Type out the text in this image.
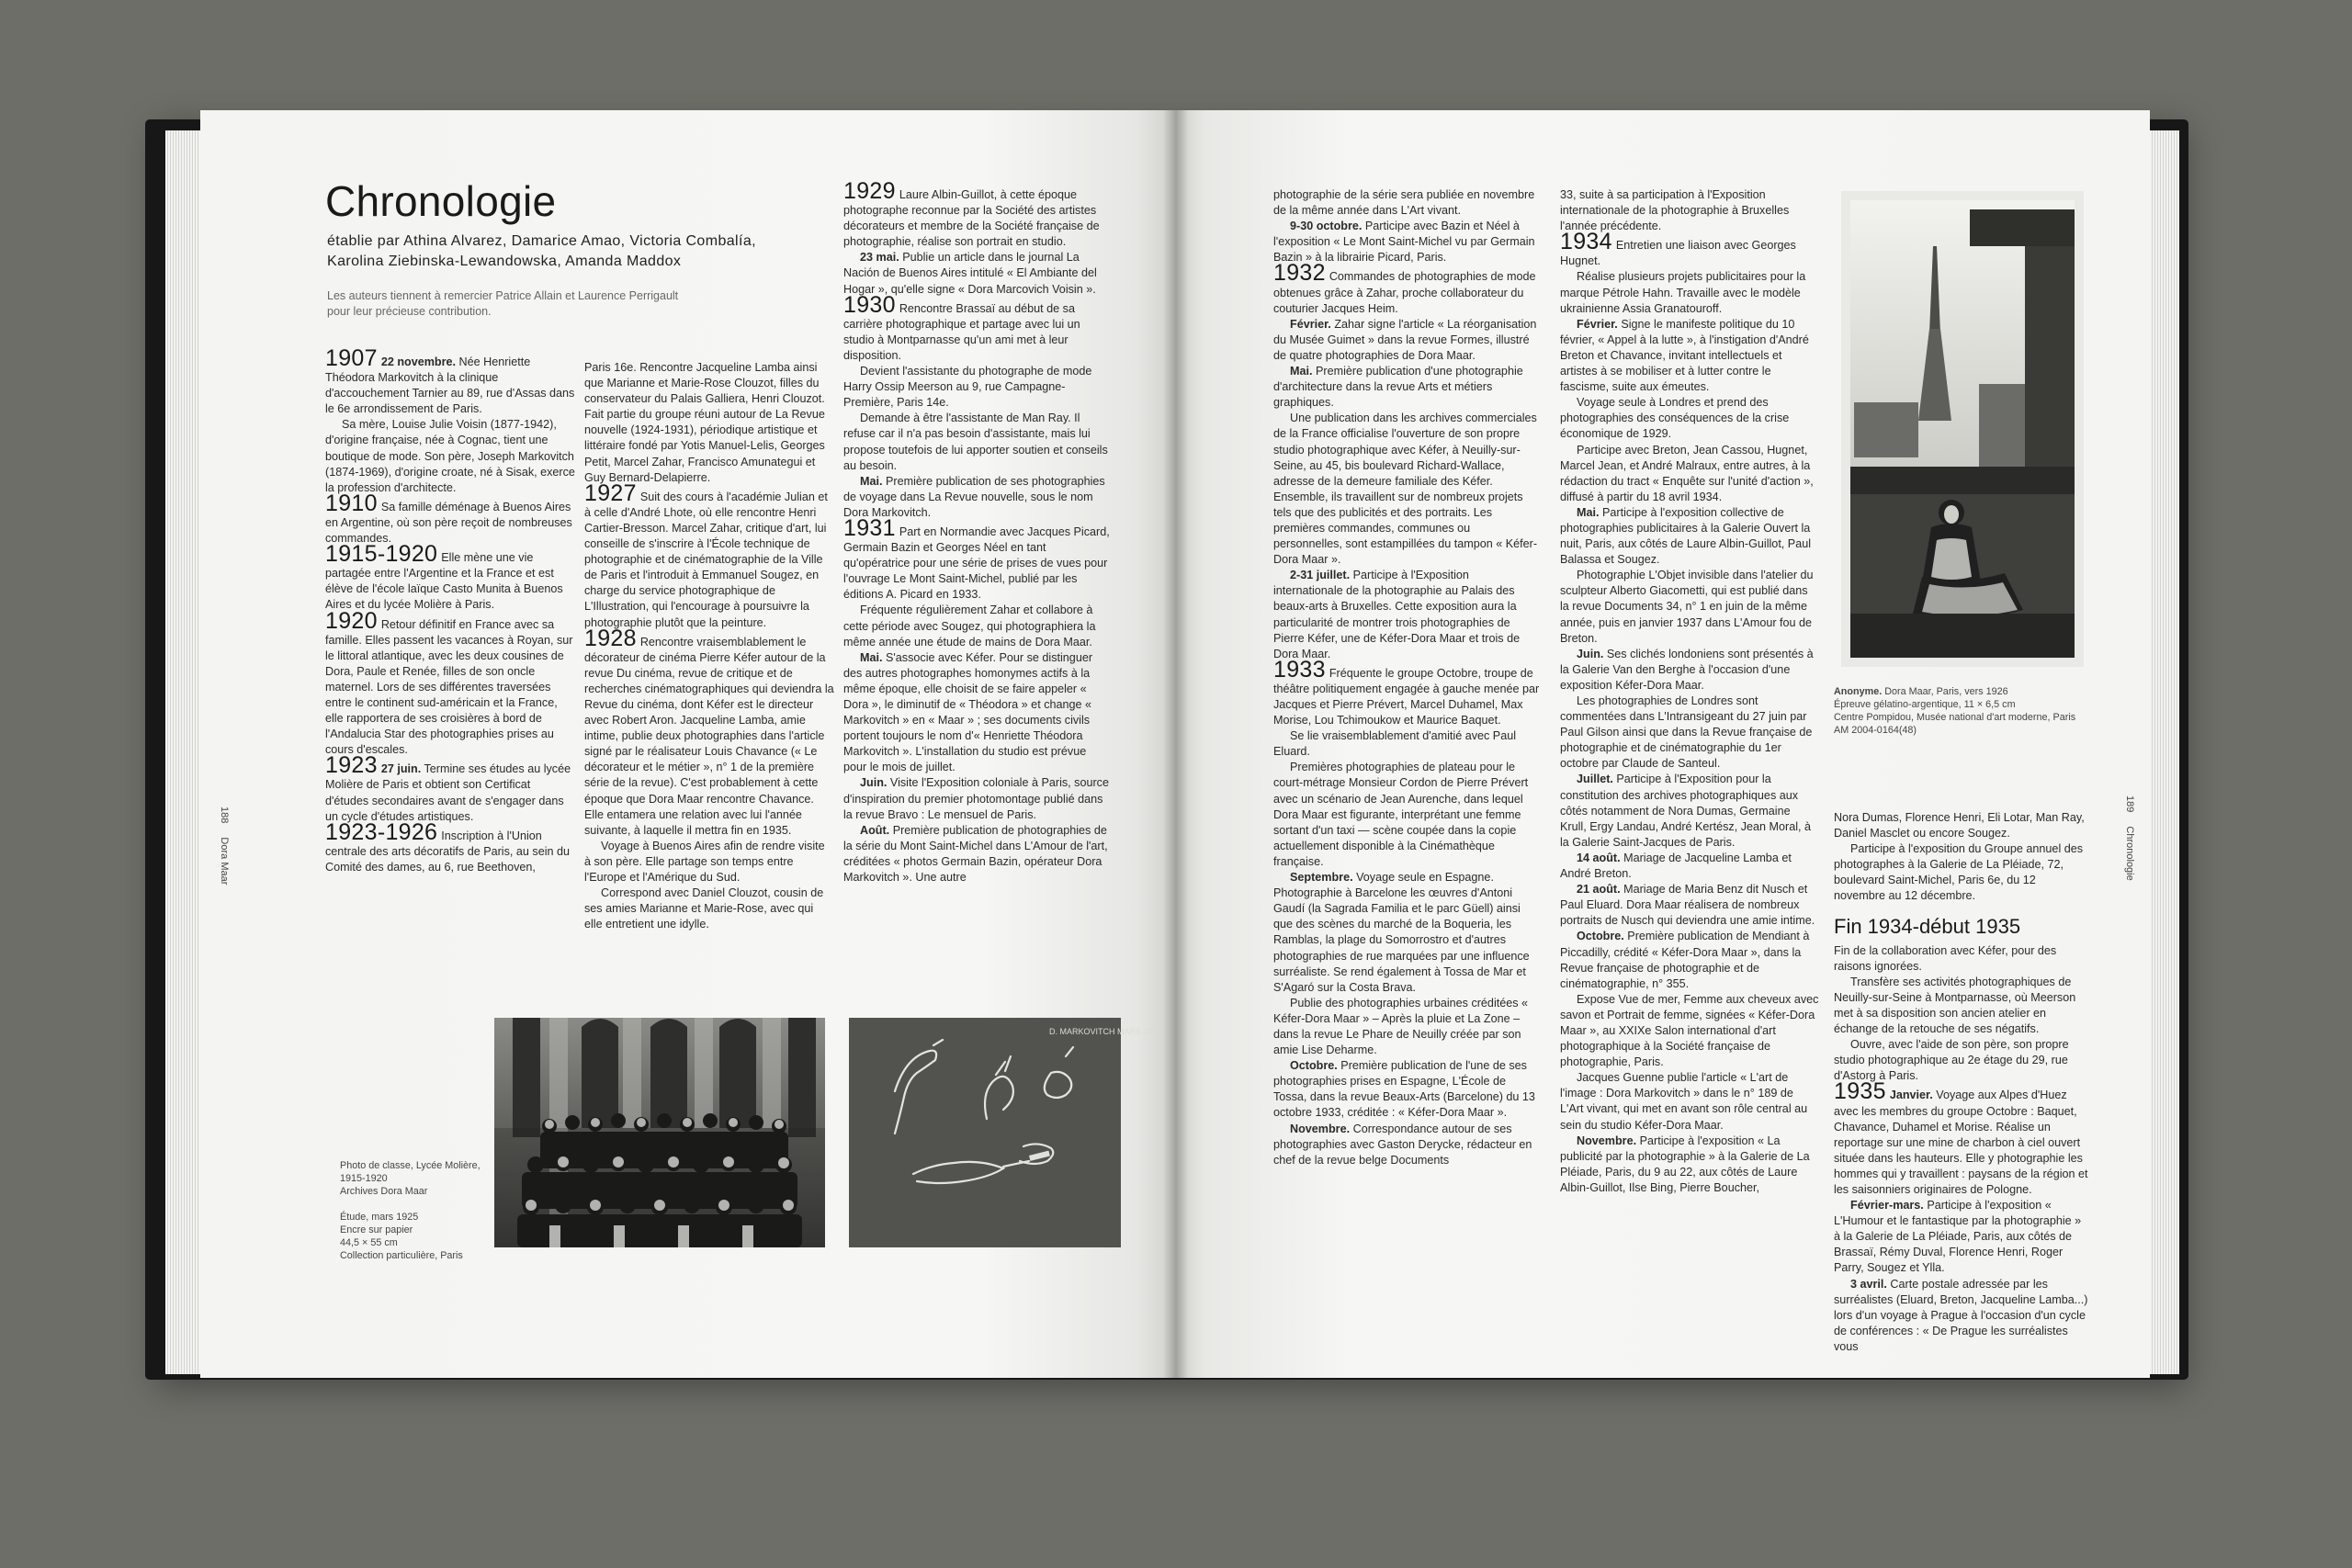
Chronologie
établie par Athina Alvarez, Damarice Amao, Victoria Combalía,
Karolina Ziebinska-Lewandowska, Amanda Maddox
Les auteurs tiennent à remercier Patrice Allain et Laurence Perrigault
pour leur précieuse contribution.

1907 22 novembre. Née Henriette Théodora Markovitch à la clinique d'accouchement Tarnier au 89, rue d'Assas dans le 6e arrondissement de Paris.

Sa mère, Louise Julie Voisin (1877-1942), d'origine française, née à Cognac, tient une boutique de mode. Son père, Joseph Markovitch (1874-1969), d'origine croate, né à Sisak, exerce la profession d'architecte.

1910 Sa famille déménage à Buenos Aires en Argentine, où son père reçoit de nombreuses commandes.

1915-1920 Elle mène une vie partagée entre l'Argentine et la France et est élève de l'école laïque Casto Munita à Buenos Aires et du lycée Molière à Paris.

1920 Retour définitif en France avec sa famille. Elles passent les vacances à Royan, sur le littoral atlantique, avec les deux cousines de Dora, Paule et Renée, filles de son oncle maternel. Lors de ses différentes traversées entre le continent sud-américain et la France, elle rapportera de ses croisières à bord de l'Andalucia Star des photographies prises au cours d'escales.

1923 27 juin. Termine ses études au lycée Molière de Paris et obtient son Certificat d'études secondaires avant de s'engager dans un cycle d'études artistiques.

1923-1926 Inscription à l'Union centrale des arts décoratifs de Paris, au sein du Comité des dames, au 6, rue Beethoven,

Paris 16e. Rencontre Jacqueline Lamba ainsi que Marianne et Marie-Rose Clouzot, filles du conservateur du Palais Galliera, Henri Clouzot. Fait partie du groupe réuni autour de La Revue nouvelle (1924-1931), périodique artistique et littéraire fondé par Yotis Manuel-Lelis, Georges Petit, Marcel Zahar, Francisco Amunategui et Guy Bernard-Delapierre.

1927 Suit des cours à l'académie Julian et à celle d'André Lhote, où elle rencontre Henri Cartier-Bresson. Marcel Zahar, critique d'art, lui conseille de s'inscrire à l'École technique de photographie et de cinématographie de la Ville de Paris et l'introduit à Emmanuel Sougez, en charge du service photographique de L'Illustration, qui l'encourage à poursuivre la photographie plutôt que la peinture.

1928 Rencontre vraisemblablement le décorateur de cinéma Pierre Kéfer autour de la revue Du cinéma, revue de critique et de recherches cinématographiques qui deviendra la Revue du cinéma, dont Kéfer est le directeur avec Robert Aron. Jacqueline Lamba, amie intime, publie deux photographies dans l'article signé par le réalisateur Louis Chavance (« Le décorateur et le métier », n° 1 de la première série de la revue). C'est probablement à cette époque que Dora Maar rencontre Chavance. Elle entamera une relation avec lui l'année suivante, à laquelle il mettra fin en 1935.

Voyage à Buenos Aires afin de rendre visite à son père. Elle partage son temps entre l'Europe et l'Amérique du Sud.

Correspond avec Daniel Clouzot, cousin de ses amies Marianne et Marie-Rose, avec qui elle entretient une idylle.

1929 Laure Albin-Guillot, à cette époque photographe reconnue par la Société des artistes décorateurs et membre de la Société française de photographie, réalise son portrait en studio.

23 mai. Publie un article dans le journal La Nación de Buenos Aires intitulé « El Ambiante del Hogar », qu'elle signe « Dora Marcovich Voisin ».

1930 Rencontre Brassaï au début de sa carrière photographique et partage avec lui un studio à Montparnasse qu'un ami met à leur disposition.

Devient l'assistante du photographe de mode Harry Ossip Meerson au 9, rue Campagne-Première, Paris 14e.

Demande à être l'assistante de Man Ray. Il refuse car il n'a pas besoin d'assistante, mais lui propose toutefois de lui apporter soutien et conseils au besoin.

Mai. Première publication de ses photographies de voyage dans La Revue nouvelle, sous le nom Dora Markovitch.

1931 Part en Normandie avec Jacques Picard, Germain Bazin et Georges Néel en tant qu'opératrice pour une série de prises de vues pour l'ouvrage Le Mont Saint-Michel, publié par les éditions A. Picard en 1933.

Fréquente régulièrement Zahar et collabore à cette période avec Sougez, qui photographiera la même année une étude de mains de Dora Maar.

Mai. S'associe avec Kéfer. Pour se distinguer des autres photographes homonymes actifs à la même époque, elle choisit de se faire appeler « Dora », le diminutif de « Théodora » et change « Markovitch » en « Maar » ; ses documents civils portent toujours le nom d'« Henriette Théodora Markovitch ». L'installation du studio est prévue pour le mois de juillet.

Juin. Visite l'Exposition coloniale à Paris, source d'inspiration du premier photomontage publié dans la revue Bravo : Le mensuel de Paris.

Août. Première publication de photographies de la série du Mont Saint-Michel dans L'Amour de l'art, créditées « photos Germain Bazin, opérateur Dora Markovitch ». Une autre

Photo de classe, Lycée Molière,
1915-1920
Archives Dora Maar
Étude, mars 1925
Encre sur papier
44,5 × 55 cm
Collection particulière, Paris
D. MARKOVITCH MARS 1925
188 Dora Maar

photographie de la série sera publiée en novembre de la même année dans L'Art vivant.

9-30 octobre. Participe avec Bazin et Néel à l'exposition « Le Mont Saint-Michel vu par Germain Bazin » à la librairie Picard, Paris.

1932 Commandes de photographies de mode obtenues grâce à Zahar, proche collaborateur du couturier Jacques Heim.

Février. Zahar signe l'article « La réorganisation du Musée Guimet » dans la revue Formes, illustré de quatre photographies de Dora Maar.

Mai. Première publication d'une photographie d'architecture dans la revue Arts et métiers graphiques.

Une publication dans les archives commerciales de la France officialise l'ouverture de son propre studio photographique avec Kéfer, à Neuilly-sur-Seine, au 45, bis boulevard Richard-Wallace, adresse de la demeure familiale des Kéfer. Ensemble, ils travaillent sur de nombreux projets tels que des publicités et des portraits. Les premières commandes, communes ou personnelles, sont estampillées du tampon « Kéfer-Dora Maar ».

2-31 juillet. Participe à l'Exposition internationale de la photographie au Palais des beaux-arts à Bruxelles. Cette exposition aura la particularité de montrer trois photographies de Pierre Kéfer, une de Kéfer-Dora Maar et trois de Dora Maar.

1933 Fréquente le groupe Octobre, troupe de théâtre politiquement engagée à gauche menée par Jacques et Pierre Prévert, Marcel Duhamel, Max Morise, Lou Tchimoukow et Maurice Baquet.

Se lie vraisemblablement d'amitié avec Paul Eluard.

Premières photographies de plateau pour le court-métrage Monsieur Cordon de Pierre Prévert avec un scénario de Jean Aurenche, dans lequel Dora Maar est figurante, interprétant une femme sortant d'un taxi — scène coupée dans la copie actuellement disponible à la Cinémathèque française.

Septembre. Voyage seule en Espagne. Photographie à Barcelone les œuvres d'Antoni Gaudí (la Sagrada Familia et le parc Güell) ainsi que des scènes du marché de la Boqueria, les Ramblas, la plage du Somorrostro et d'autres photographies de rue marquées par une influence surréaliste. Se rend également à Tossa de Mar et S'Agaró sur la Costa Brava.

Publie des photographies urbaines créditées « Kéfer-Dora Maar » – Après la pluie et La Zone – dans la revue Le Phare de Neuilly créée par son amie Lise Deharme.

Octobre. Première publication de l'une de ses photographies prises en Espagne, L'École de Tossa, dans la revue Beaux-Arts (Barcelone) du 13 octobre 1933, créditée : « Kéfer-Dora Maar ».

Novembre. Correspondance autour de ses photographies avec Gaston Derycke, rédacteur en chef de la revue belge Documents

33, suite à sa participation à l'Exposition internationale de la photographie à Bruxelles l'année précédente.

1934 Entretien une liaison avec Georges Hugnet.

Réalise plusieurs projets publicitaires pour la marque Pétrole Hahn. Travaille avec le modèle ukrainienne Assia Granatouroff.

Février. Signe le manifeste politique du 10 février, « Appel à la lutte », à l'instigation d'André Breton et Chavance, invitant intellectuels et artistes à se mobiliser et à lutter contre le fascisme, suite aux émeutes.

Voyage seule à Londres et prend des photographies des conséquences de la crise économique de 1929.

Participe avec Breton, Jean Cassou, Hugnet, Marcel Jean, et André Malraux, entre autres, à la rédaction du tract « Enquête sur l'unité d'action », diffusé à partir du 18 avril 1934.

Mai. Participe à l'exposition collective de photographies publicitaires à la Galerie Ouvert la nuit, Paris, aux côtés de Laure Albin-Guillot, Paul Balassa et Sougez.

Photographie L'Objet invisible dans l'atelier du sculpteur Alberto Giacometti, qui est publié dans la revue Documents 34, n° 1 en juin de la même année, puis en janvier 1937 dans L'Amour fou de Breton.

Juin. Ses clichés londoniens sont présentés à la Galerie Van den Berghe à l'occasion d'une exposition Kéfer-Dora Maar.

Les photographies de Londres sont commentées dans L'Intransigeant du 27 juin par Paul Gilson ainsi que dans la Revue française de photographie et de cinématographie du 1er octobre par Claude de Santeul.

Juillet. Participe à l'Exposition pour la constitution des archives photographiques aux côtés notamment de Nora Dumas, Germaine Krull, Ergy Landau, André Kertész, Jean Moral, à la Galerie Saint-Jacques de Paris.

14 août. Mariage de Jacqueline Lamba et André Breton.

21 août. Mariage de Maria Benz dit Nusch et Paul Eluard. Dora Maar réalisera de nombreux portraits de Nusch qui deviendra une amie intime.

Octobre. Première publication de Mendiant à Piccadilly, crédité « Kéfer-Dora Maar », dans la Revue française de photographie et de cinématographie, n° 355.

Expose Vue de mer, Femme aux cheveux avec savon et Portrait de femme, signées « Kéfer-Dora Maar », au XXIXe Salon international d'art photographique à la Société française de photographie, Paris.

Jacques Guenne publie l'article « L'art de l'image : Dora Markovitch » dans le n° 189 de L'Art vivant, qui met en avant son rôle central au sein du studio Kéfer-Dora Maar.

Novembre. Participe à l'exposition « La publicité par la photographie » à la Galerie de La Pléiade, Paris, du 9 au 22, aux côtés de Laure Albin-Guillot, Ilse Bing, Pierre Boucher,

Nora Dumas, Florence Henri, Eli Lotar, Man Ray, Daniel Masclet ou encore Sougez.

Participe à l'exposition du Groupe annuel des photographes à la Galerie de La Pléiade, 72, boulevard Saint-Michel, Paris 6e, du 12 novembre au 12 décembre.

Fin 1934-début 1935

Fin de la collaboration avec Kéfer, pour des raisons ignorées.

Transfère ses activités photographiques de Neuilly-sur-Seine à Montparnasse, où Meerson met à sa disposition son ancien atelier en échange de la retouche de ses négatifs.

Ouvre, avec l'aide de son père, son propre studio photographique au 2e étage du 29, rue d'Astorg à Paris.

1935 Janvier. Voyage aux Alpes d'Huez avec les membres du groupe Octobre : Baquet, Chavance, Duhamel et Morise. Réalise un reportage sur une mine de charbon à ciel ouvert située dans les hauteurs. Elle y photographie les hommes qui y travaillent : paysans de la région et les saisonniers originaires de Pologne.

Février-mars. Participe à l'exposition « L'Humour et le fantastique par la photographie » à la Galerie de La Pléiade, Paris, aux côtés de Brassaï, Rémy Duval, Florence Henri, Roger Parry, Sougez et Ylla.

3 avril. Carte postale adressée par les surréalistes (Eluard, Breton, Jacqueline Lamba...) lors d'un voyage à Prague à l'occasion d'un cycle de conférences : « De Prague les surréalistes vous

Anonyme. Dora Maar, Paris, vers 1926
Épreuve gélatino-argentique, 11 × 6,5 cm
Centre Pompidou, Musée national d'art moderne, Paris
AM 2004-0164(48)
189 Chronologie
